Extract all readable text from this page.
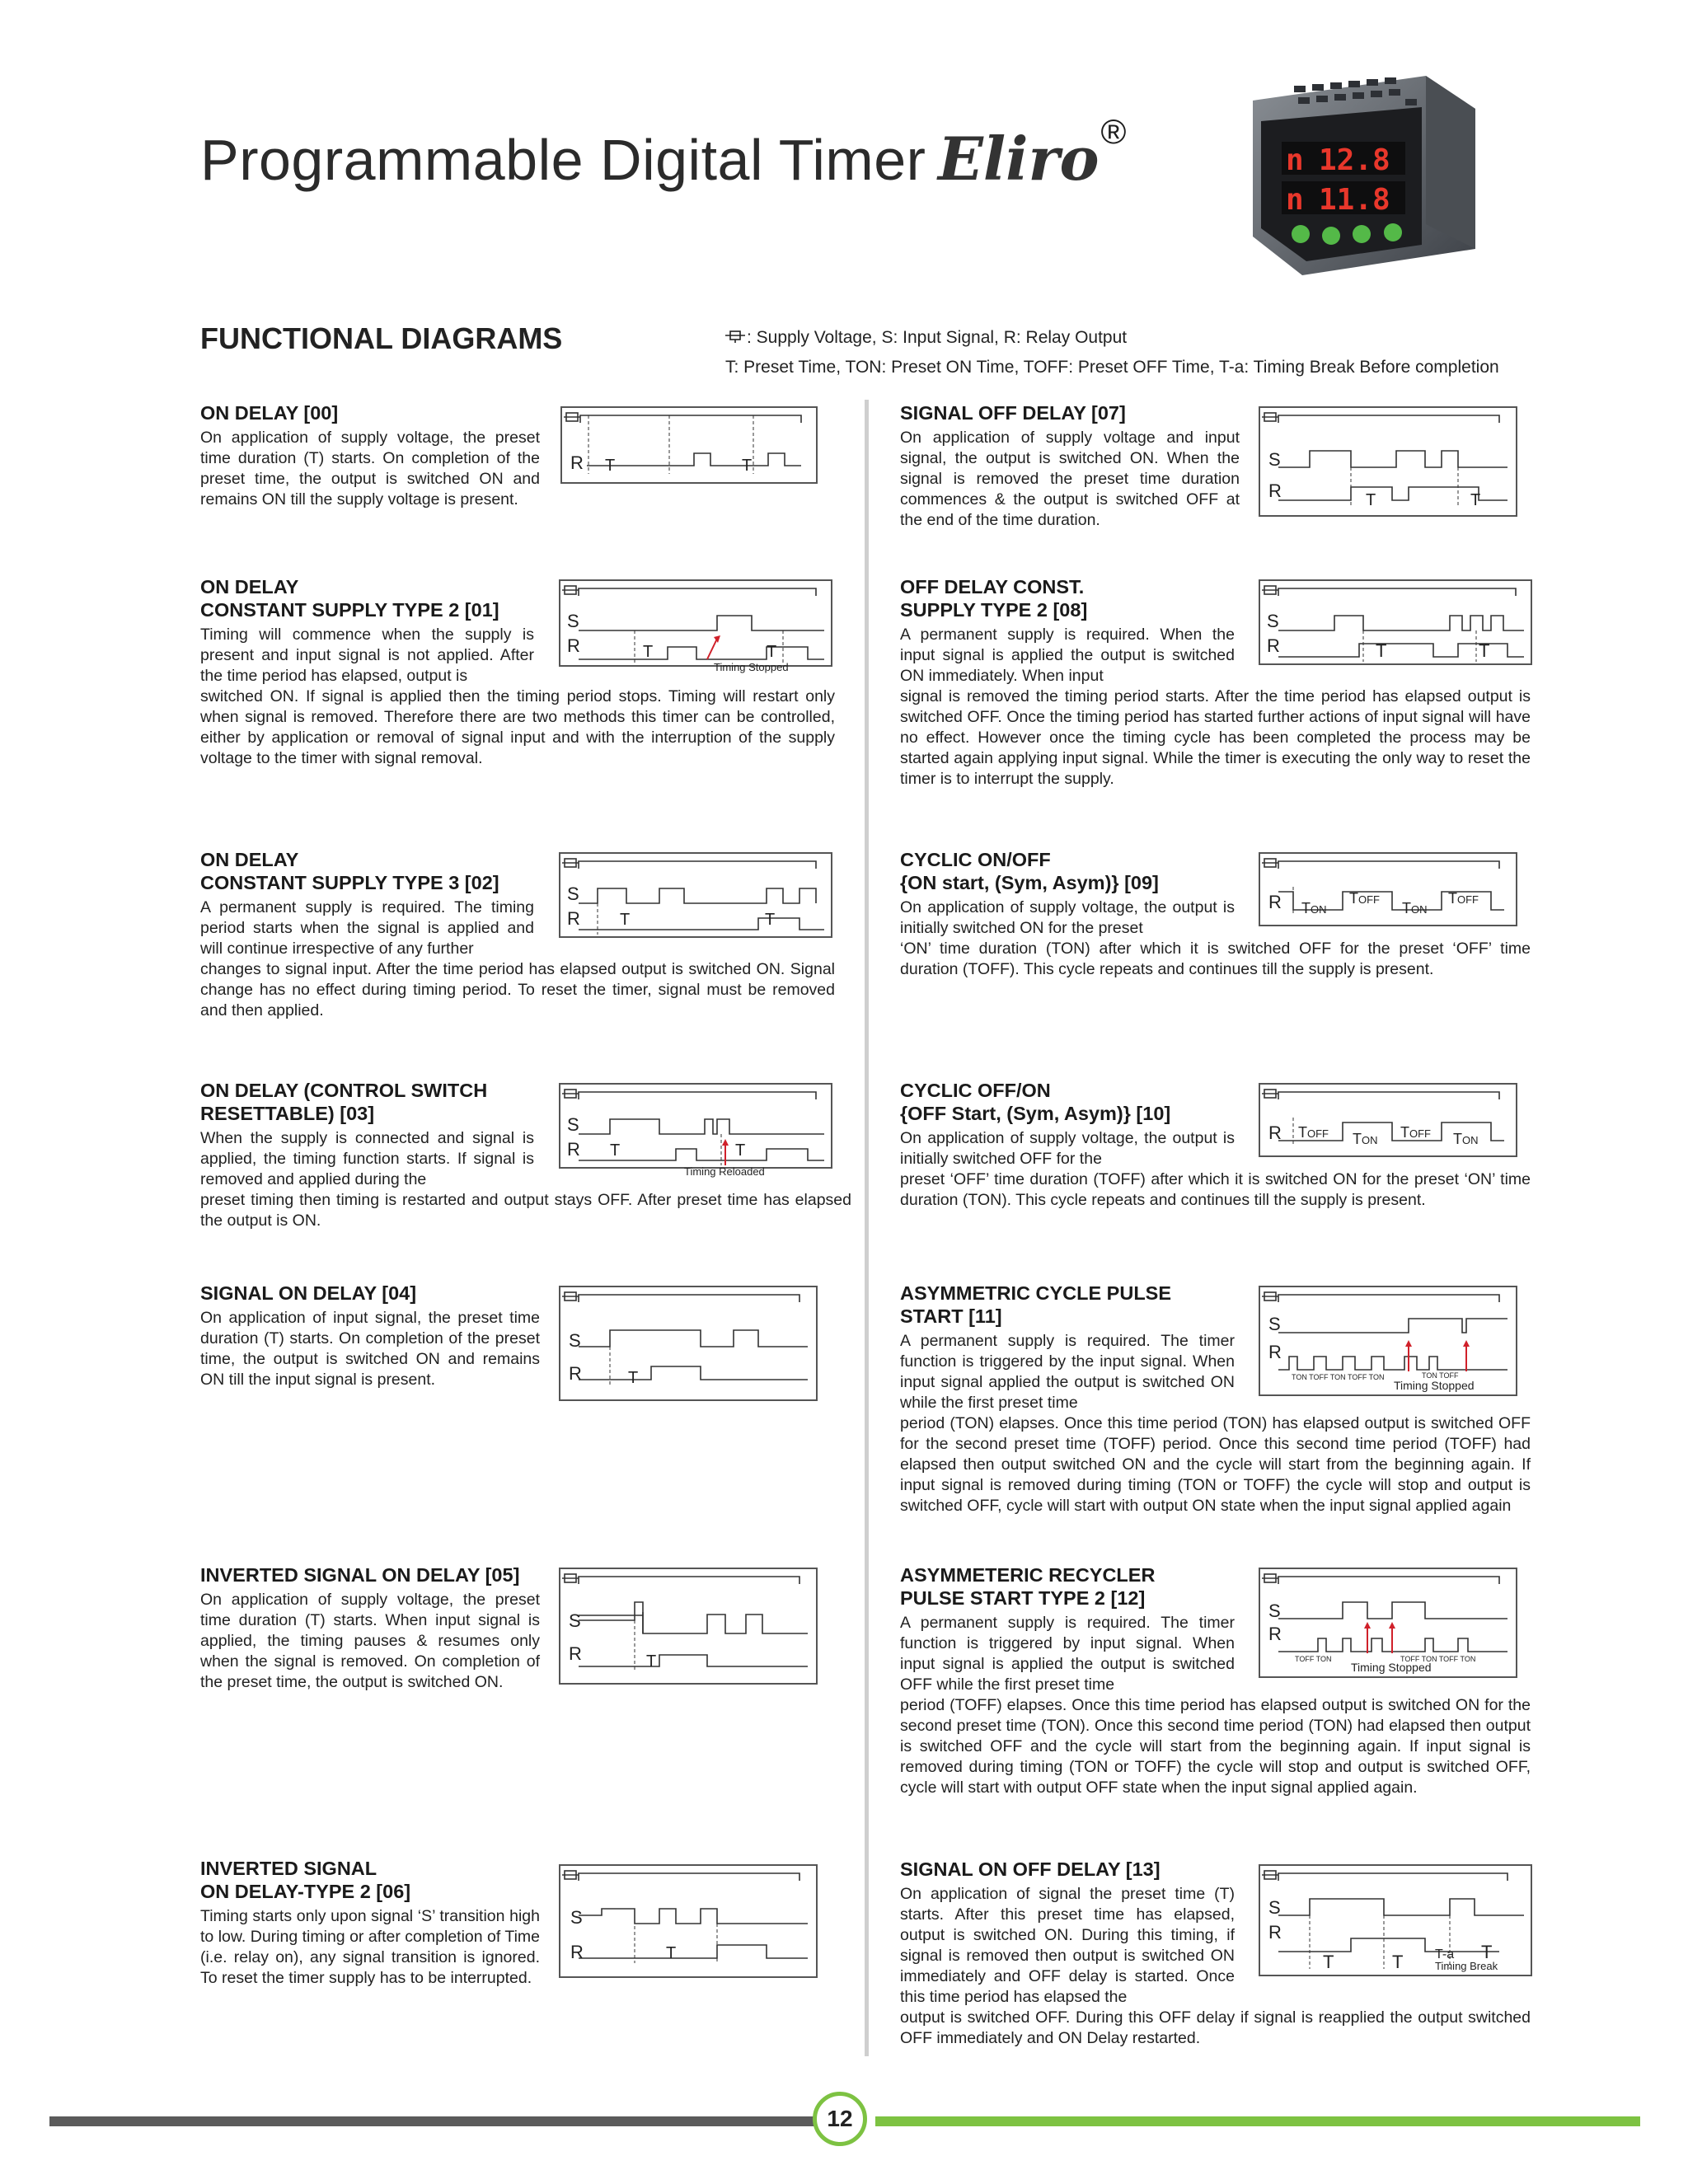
Programmable Digital Timer Eliro®
n 12.8
n 11.8
FUNCTIONAL DIAGRAMS	: Supply Voltage, S: Input Signal, R: Relay Output
T: Preset Time, TON: Preset ON Time, TOFF: Preset OFF Time, T-a: Timing Break Before completion
ON DELAY [00]

On application of supply voltage, the preset time duration (T) starts. On completion of the preset time, the output is switched ON and remains ON till the supply voltage is present.

R T	T
ON DELAY
CONSTANT SUPPLY TYPE 2 [01]

Timing will commence when the supply is present and input signal is not applied. After the time period has elapsed, output is

switched ON. If signal is applied then the timing period stops. Timing will restart only when signal is removed. Therefore there are two methods this timer can be controlled, either by application or removal of signal input and with the interruption of the supply voltage to the timer with signal removal.

S
R	T	T
Timing Stopped
ON DELAY
CONSTANT SUPPLY TYPE 3 [02]

A permanent supply is required. The timing period starts when the signal is applied and will continue irrespective of any further

changes to signal input. After the time period has elapsed output is switched ON. Signal change has no effect during timing period. To reset the timer, signal must be removed and then applied.

S
R T	T
ON DELAY (CONTROL SWITCH
RESETTABLE) [03]

When the supply is connected and signal is applied, the timing function starts. If signal is removed and applied during the

preset timing then timing is restarted and output stays OFF. After preset time has elapsed the output is ON.

S
R T	T
Timing Reloaded
SIGNAL ON DELAY [04]

On application of input signal, the preset time duration (T) starts. On completion of the preset time, the output is switched ON and remains ON till the input signal is present.

S
R	T
INVERTED SIGNAL ON DELAY [05]

On application of supply voltage, the preset time duration (T) starts. When input signal is applied, the timing pauses & resumes only when the signal is removed. On completion of the preset time, the output is switched ON.

S
R	T
INVERTED SIGNAL
ON DELAY-TYPE 2 [06]

Timing starts only upon signal ‘S’ transition high to low. During timing or after completion of Time (i.e. relay on), any signal transition is ignored. To reset the timer supply has to be interrupted.

S
R	T
SIGNAL OFF DELAY [07]

On application of supply voltage and input signal, the output is switched ON. When the signal is removed the preset time duration commences & the output is switched OFF at the end of the time duration.

S
R	T	T
OFF DELAY CONST.
SUPPLY TYPE 2 [08]

A permanent supply is required. When the input signal is applied the output is switched ON immediately. When input

signal is removed the timing period starts. After the time period has elapsed output is switched OFF. Once the timing period has started further actions of input signal will have no effect. However once the timing cycle has been completed the process may be started again applying input signal. While the timer is executing the only way to reset the timer is to interrupt the supply.

S
R	T	T
CYCLIC ON/OFF
{ON start, (Sym, Asym)} [09]

On application of supply voltage, the output is initially switched ON for the preset

‘ON’ time duration (TON) after which it is switched OFF for the preset ‘OFF’ time duration (TOFF). This cycle repeats and continues till the supply is present.

R TON
TOFF
TON
TOFF
CYCLIC OFF/ON
{OFF Start, (Sym, Asym)} [10]

On application of supply voltage, the output is initially switched OFF for the

preset ‘OFF’ time duration (TOFF) after which it is switched ON for the preset ‘ON’ time duration (TON). This cycle repeats and continues till the supply is present.

R TOFF TON TOFF TON
ASYMMETRIC CYCLE PULSE
START [11]

A permanent supply is required. The timer function is triggered by the input signal. When input signal applied the output is switched ON while the first preset time

period (TON) elapses. Once this time period (TON) has elapsed output is switched OFF for the second preset time (TOFF) period. Once this second time period (TOFF) had elapsed then output switched ON and the cycle will start from the beginning again. If input signal is removed during timing (TON or TOFF) the cycle will stop and output is switched OFF, cycle will start with output ON state when the input signal applied again

S
R
TON TOFF TON TOFF TON	TON TOFF
Timing Stopped
ASYMMETERIC RECYCLER
PULSE START TYPE 2 [12]

A permanent supply is required. The timer function is triggered by input signal. When input signal is applied the output is switched OFF while the first preset time

period (TOFF) elapses. Once this time period has elapsed output is switched ON for the second preset time (TON). Once this second time period (TON) had elapsed then output is switched OFF and the cycle will start from the beginning again. If input signal is removed during timing (TON or TOFF) the cycle will stop and output is switched OFF, cycle will start with output OFF state when the input signal applied again.

S
R
TOFF TON	TOFF TON TOFF TON
Timing Stopped
SIGNAL ON OFF DELAY [13]

On application of signal the preset time (T) starts. After this preset time has elapsed, output is switched ON. During this timing, if signal is removed then output is switched ON immediately and OFF delay is started. Once this time period has elapsed the

output is switched OFF. During this OFF delay if signal is reapplied the output switched OFF immediately and ON Delay restarted.

S
R
T	T T-a T
Timing Break
12
